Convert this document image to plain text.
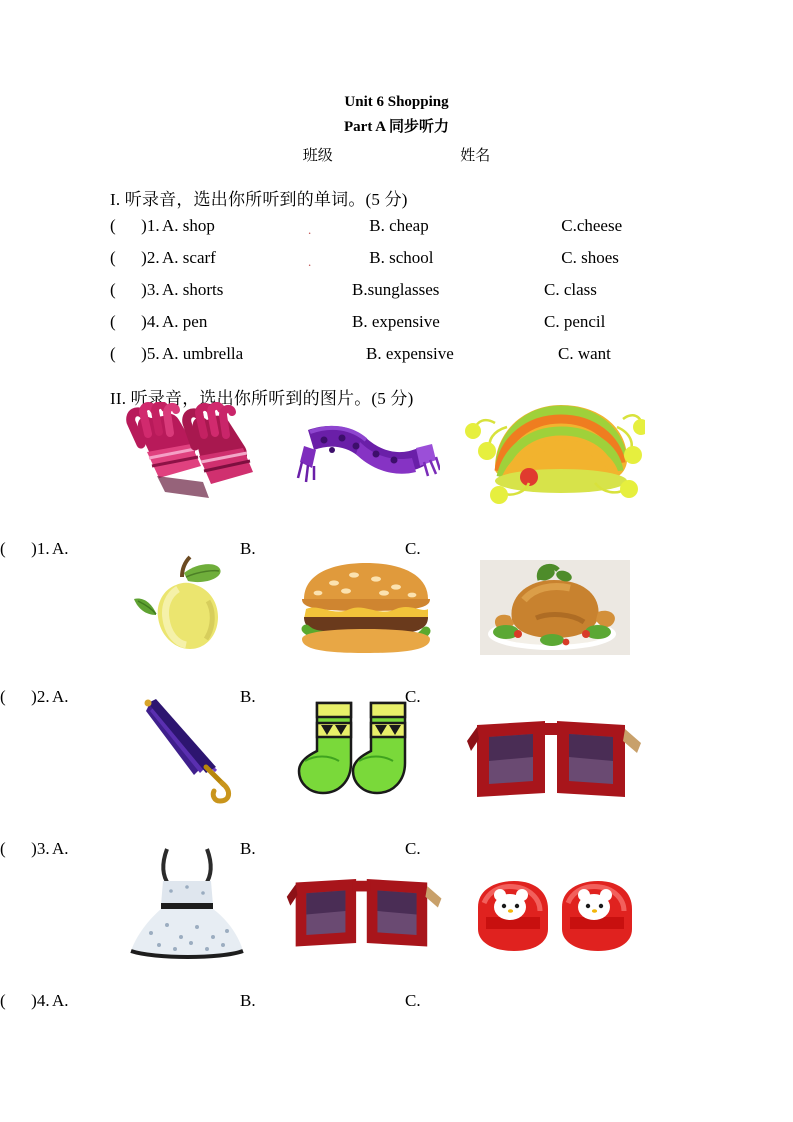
Unit 6 Shopping
Part A 同步听力
班级	姓名
I. 听录音，选出你所听到的单词。(5 分)
(      )1. A. shop	.	B. cheap	C.cheese
(      )2. A. scarf	.	B. school	C. shoes
(      )3. A. shorts	B.sunglasses	C. class
(      )4. A. pen	B. expensive	C. pencil
(      )5. A. umbrella	B. expensive	C. want
II. 听录音，选出你所听到的图片。(5 分)
(      )1. A.	B.	C.
(      )2. A.	B.	C.
(      )3. A.	B.	C.
(      )4. A.	B.	C.
